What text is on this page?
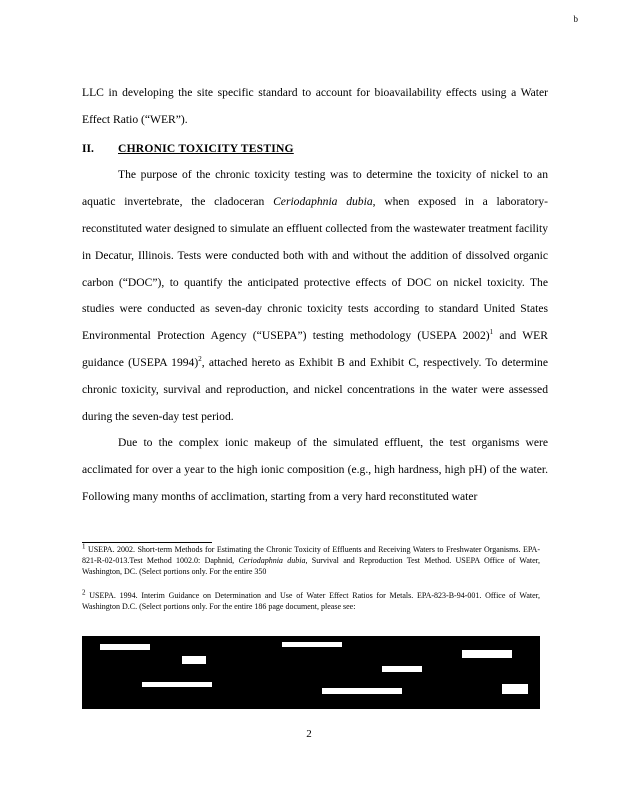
b

LLC in developing the site specific standard to account for bioavailability effects using a Water Effect Ratio (“WER”).

II.	CHRONIC TOXICITY TESTING

The purpose of the chronic toxicity testing was to determine the toxicity of nickel to an aquatic invertebrate, the cladoceran Ceriodaphnia dubia, when exposed in a laboratory-reconstituted water designed to simulate an effluent collected from the wastewater treatment facility in Decatur, Illinois. Tests were conducted both with and without the addition of dissolved organic carbon (“DOC”), to quantify the anticipated protective effects of DOC on nickel toxicity. The studies were conducted as seven-day chronic toxicity tests according to standard United States Environmental Protection Agency (“USEPA”) testing methodology (USEPA 2002)$^1$ and WER guidance (USEPA 1994)$^2$, attached hereto as Exhibit B and Exhibit C, respectively. To determine chronic toxicity, survival and reproduction, and nickel concentrations in the water were assessed during the seven-day test period.

Due to the complex ionic makeup of the simulated effluent, the test organisms were acclimated for over a year to the high ionic composition (e.g., high hardness, high pH) of the water. Following many months of acclimation, starting from a very hard reconstituted water

$^1$ USEPA. 2002. Short-term Methods for Estimating the Chronic Toxicity of Effluents and Receiving Waters to Freshwater Organisms. EPA-821-R-02-013.Test Method 1002.0: Daphnid, Ceriodaphnia dubia, Survival and Reproduction Test Method. USEPA Office of Water, Washington, DC. (Select portions only. For the entire 350

$^2$ USEPA. 1994. Interim Guidance on Determination and Use of Water Effect Ratios for Metals. EPA-823-B-94-001. Office of Water, Washington D.C. (Select portions only. For the entire 186 page document, please see:

2
